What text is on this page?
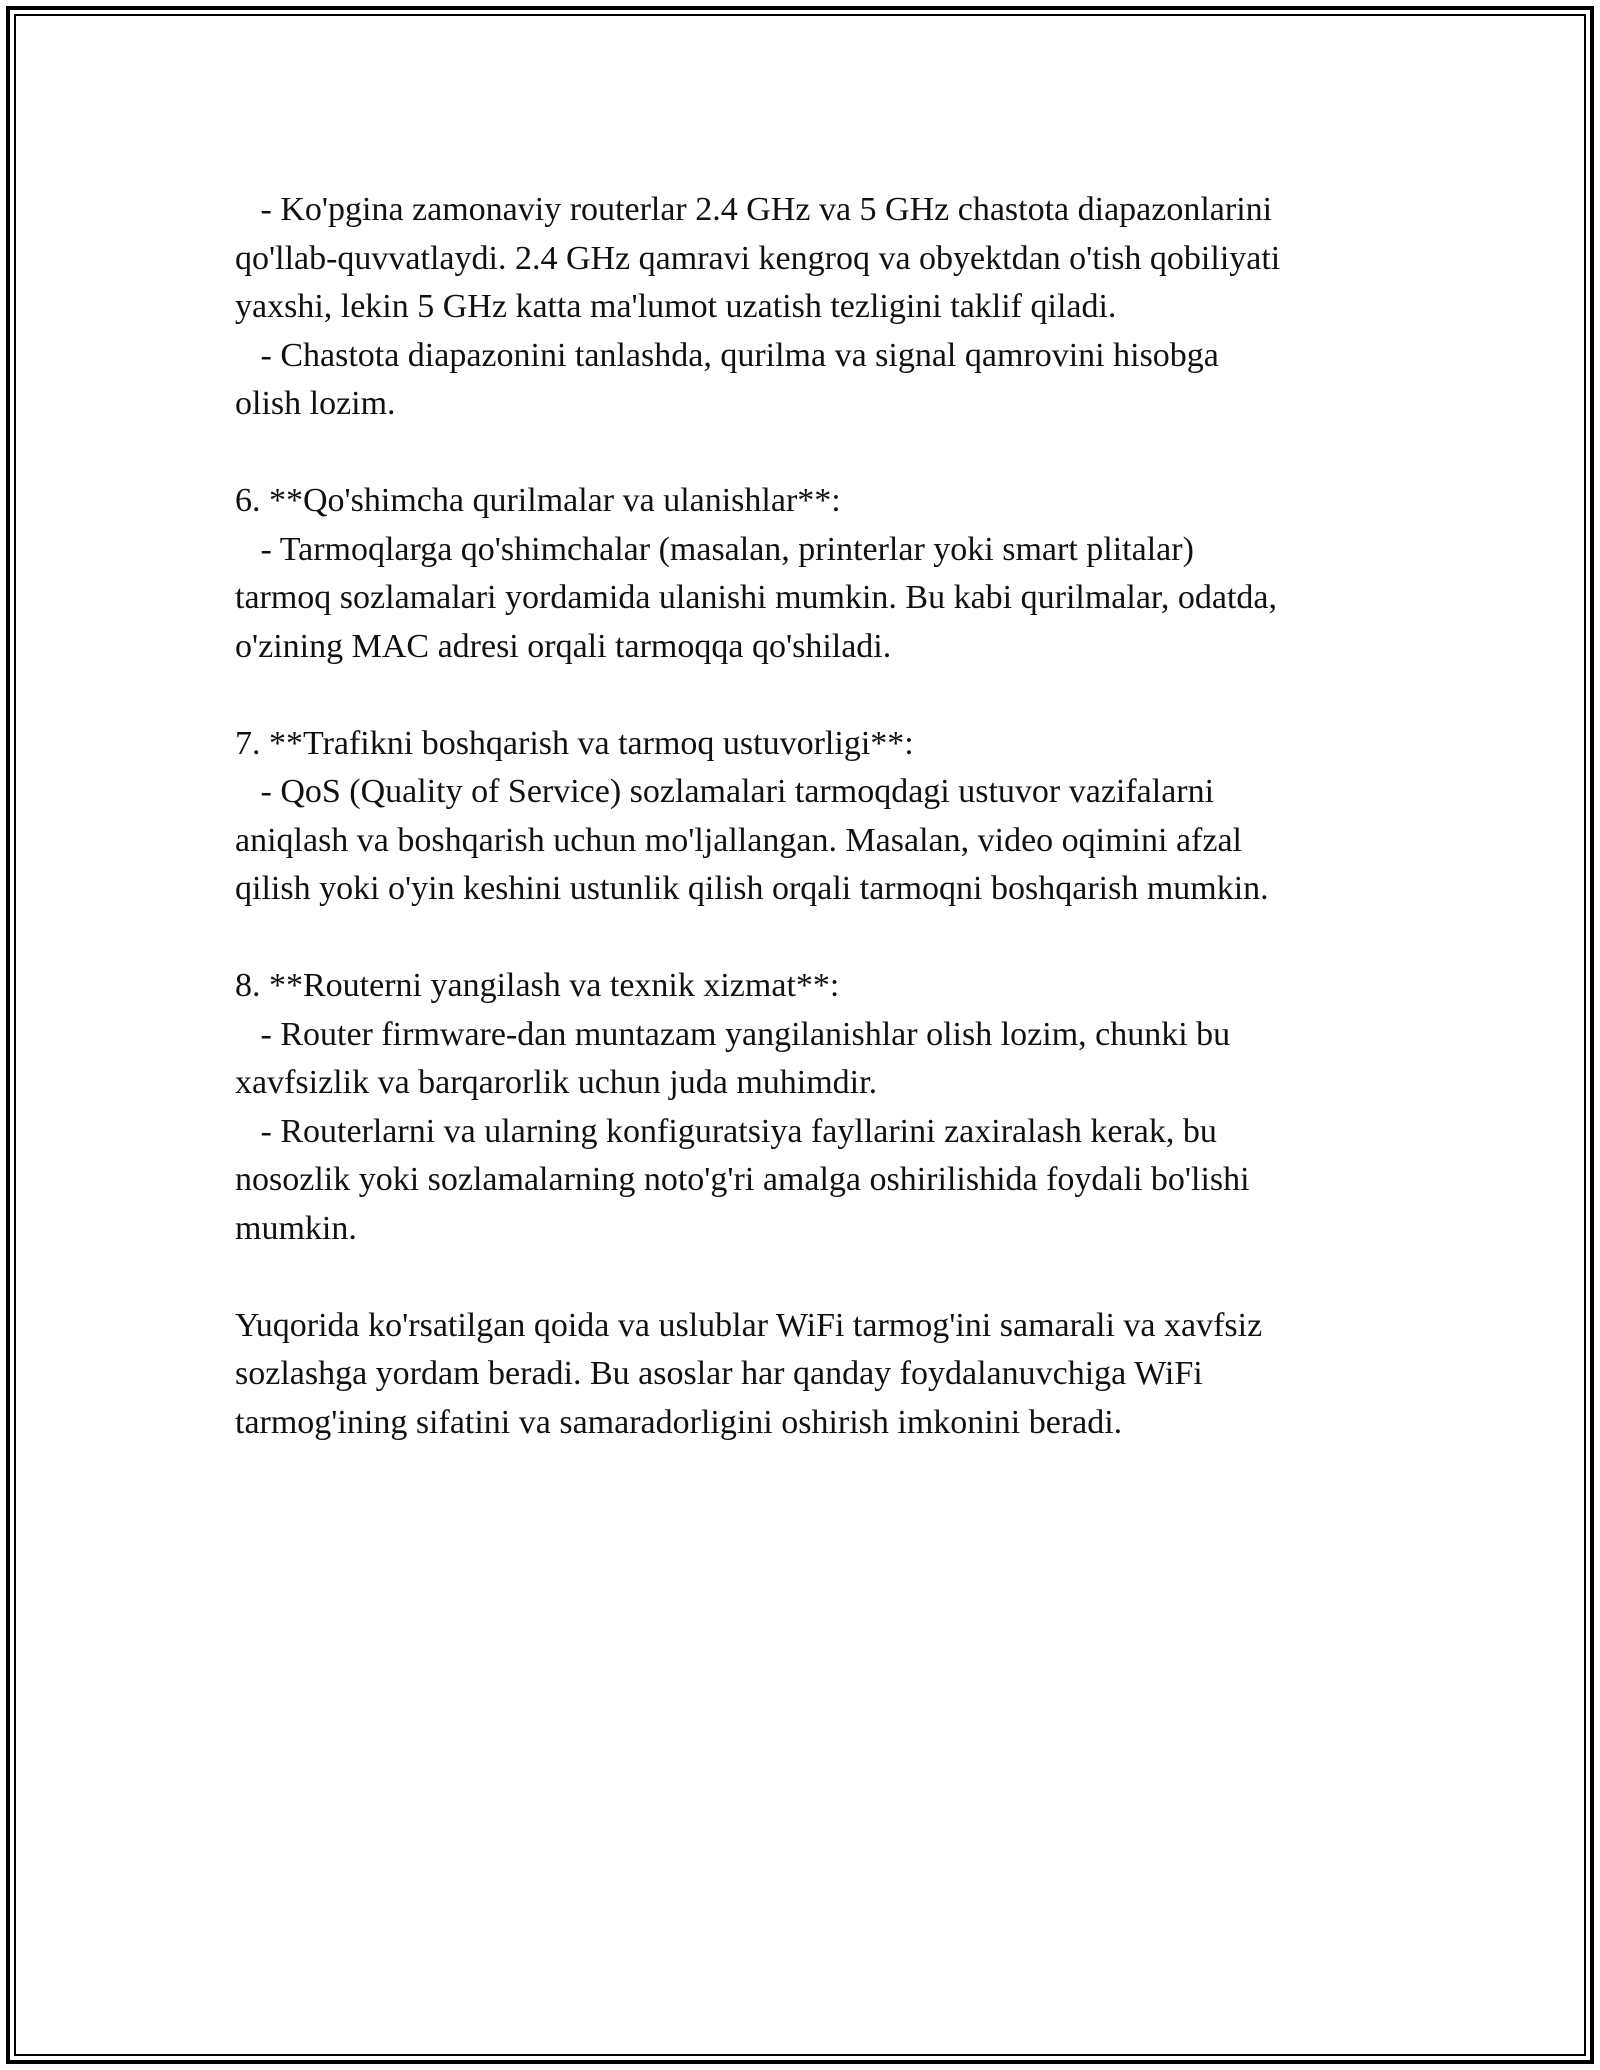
- Ko'pgina zamonaviy routerlar 2.4 GHz va 5 GHz chastota diapazonlarini
qo'llab-quvvatlaydi. 2.4 GHz qamravi kengroq va obyektdan o'tish qobiliyati
yaxshi, lekin 5 GHz katta ma'lumot uzatish tezligini taklif qiladi.
- Chastota diapazonini tanlashda, qurilma va signal qamrovini hisobga
olish lozim.
6. **Qo'shimcha qurilmalar va ulanishlar**:
- Tarmoqlarga qo'shimchalar (masalan, printerlar yoki smart plitalar)
tarmoq sozlamalari yordamida ulanishi mumkin. Bu kabi qurilmalar, odatda,
o'zining MAC adresi orqali tarmoqqa qo'shiladi.
7. **Trafikni boshqarish va tarmoq ustuvorligi**:
- QoS (Quality of Service) sozlamalari tarmoqdagi ustuvor vazifalarni
aniqlash va boshqarish uchun mo'ljallangan. Masalan, video oqimini afzal
qilish yoki o'yin keshini ustunlik qilish orqali tarmoqni boshqarish mumkin.
8. **Routerni yangilash va texnik xizmat**:
- Router firmware-dan muntazam yangilanishlar olish lozim, chunki bu
xavfsizlik va barqarorlik uchun juda muhimdir.
- Routerlarni va ularning konfiguratsiya fayllarini zaxiralash kerak, bu
nosozlik yoki sozlamalarning noto'g'ri amalga oshirilishida foydali bo'lishi
mumkin.
Yuqorida ko'rsatilgan qoida va uslublar WiFi tarmog'ini samarali va xavfsiz
sozlashga yordam beradi. Bu asoslar har qanday foydalanuvchiga WiFi
tarmog'ining sifatini va samaradorligini oshirish imkonini beradi.
